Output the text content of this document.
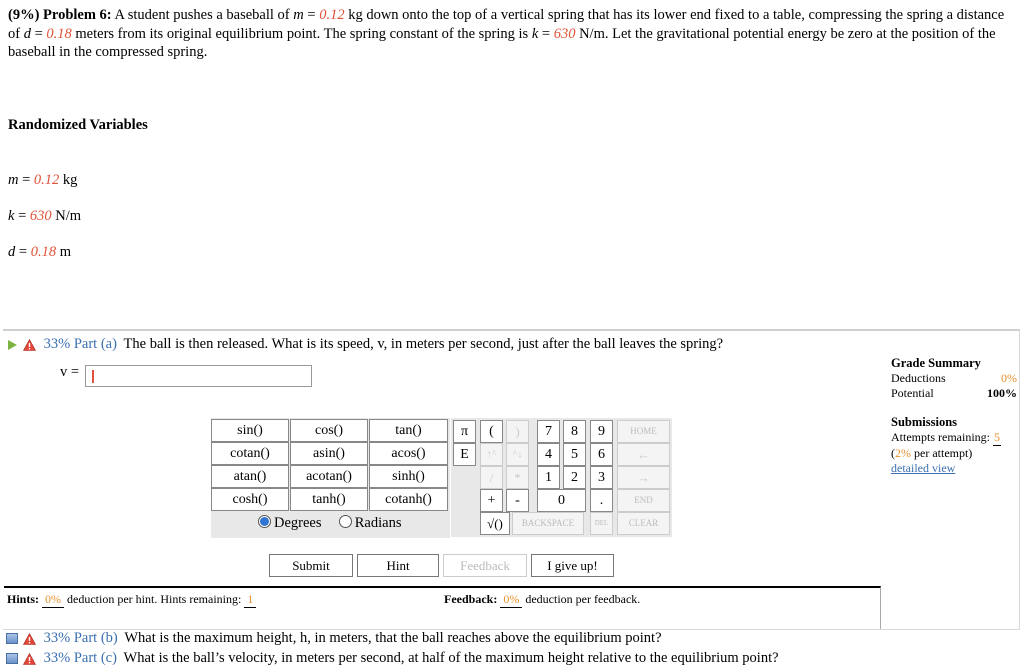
(9%) Problem 6: A student pushes a baseball of m = 0.12 kg down onto the top of a vertical spring that has its lower end fixed to a table, compressing the spring a distance of d = 0.18 meters from its original equilibrium point. The spring constant of the spring is k = 630 N/m. Let the gravitational potential energy be zero at the position of the baseball in the compressed spring.
Randomized Variables
m = 0.12 kg
k = 630 N/m
d = 0.18 m
33% Part (a) The ball is then released. What is its speed, v, in meters per second, just after the ball leaves the spring?
v =
sin()	cos()	tan()
cotan()	asin()	acos()
atan()	acotan()	sinh()
cosh()	tanh()	cotanh()
Degrees Radians
π	(	)
E	↑^	^↓
/	*
+	-
√()
7	8	9
4	5	6
1	2	3
0	.
HOME
←
→
END
BACKSPACE	DEL	CLEAR
Submit	Hint	Feedback	I give up!
Hints: 0% deduction per hint. Hints remaining: 1	Feedback: 0% deduction per feedback.
Grade Summary
Deductions	0%
Potential	100%
Submissions
Attempts remaining: 5
(2% per attempt)
detailed view
33% Part (b) What is the maximum height, h, in meters, that the ball reaches above the equilibrium point?
33% Part (c) What is the ball’s velocity, in meters per second, at half of the maximum height relative to the equilibrium point?
